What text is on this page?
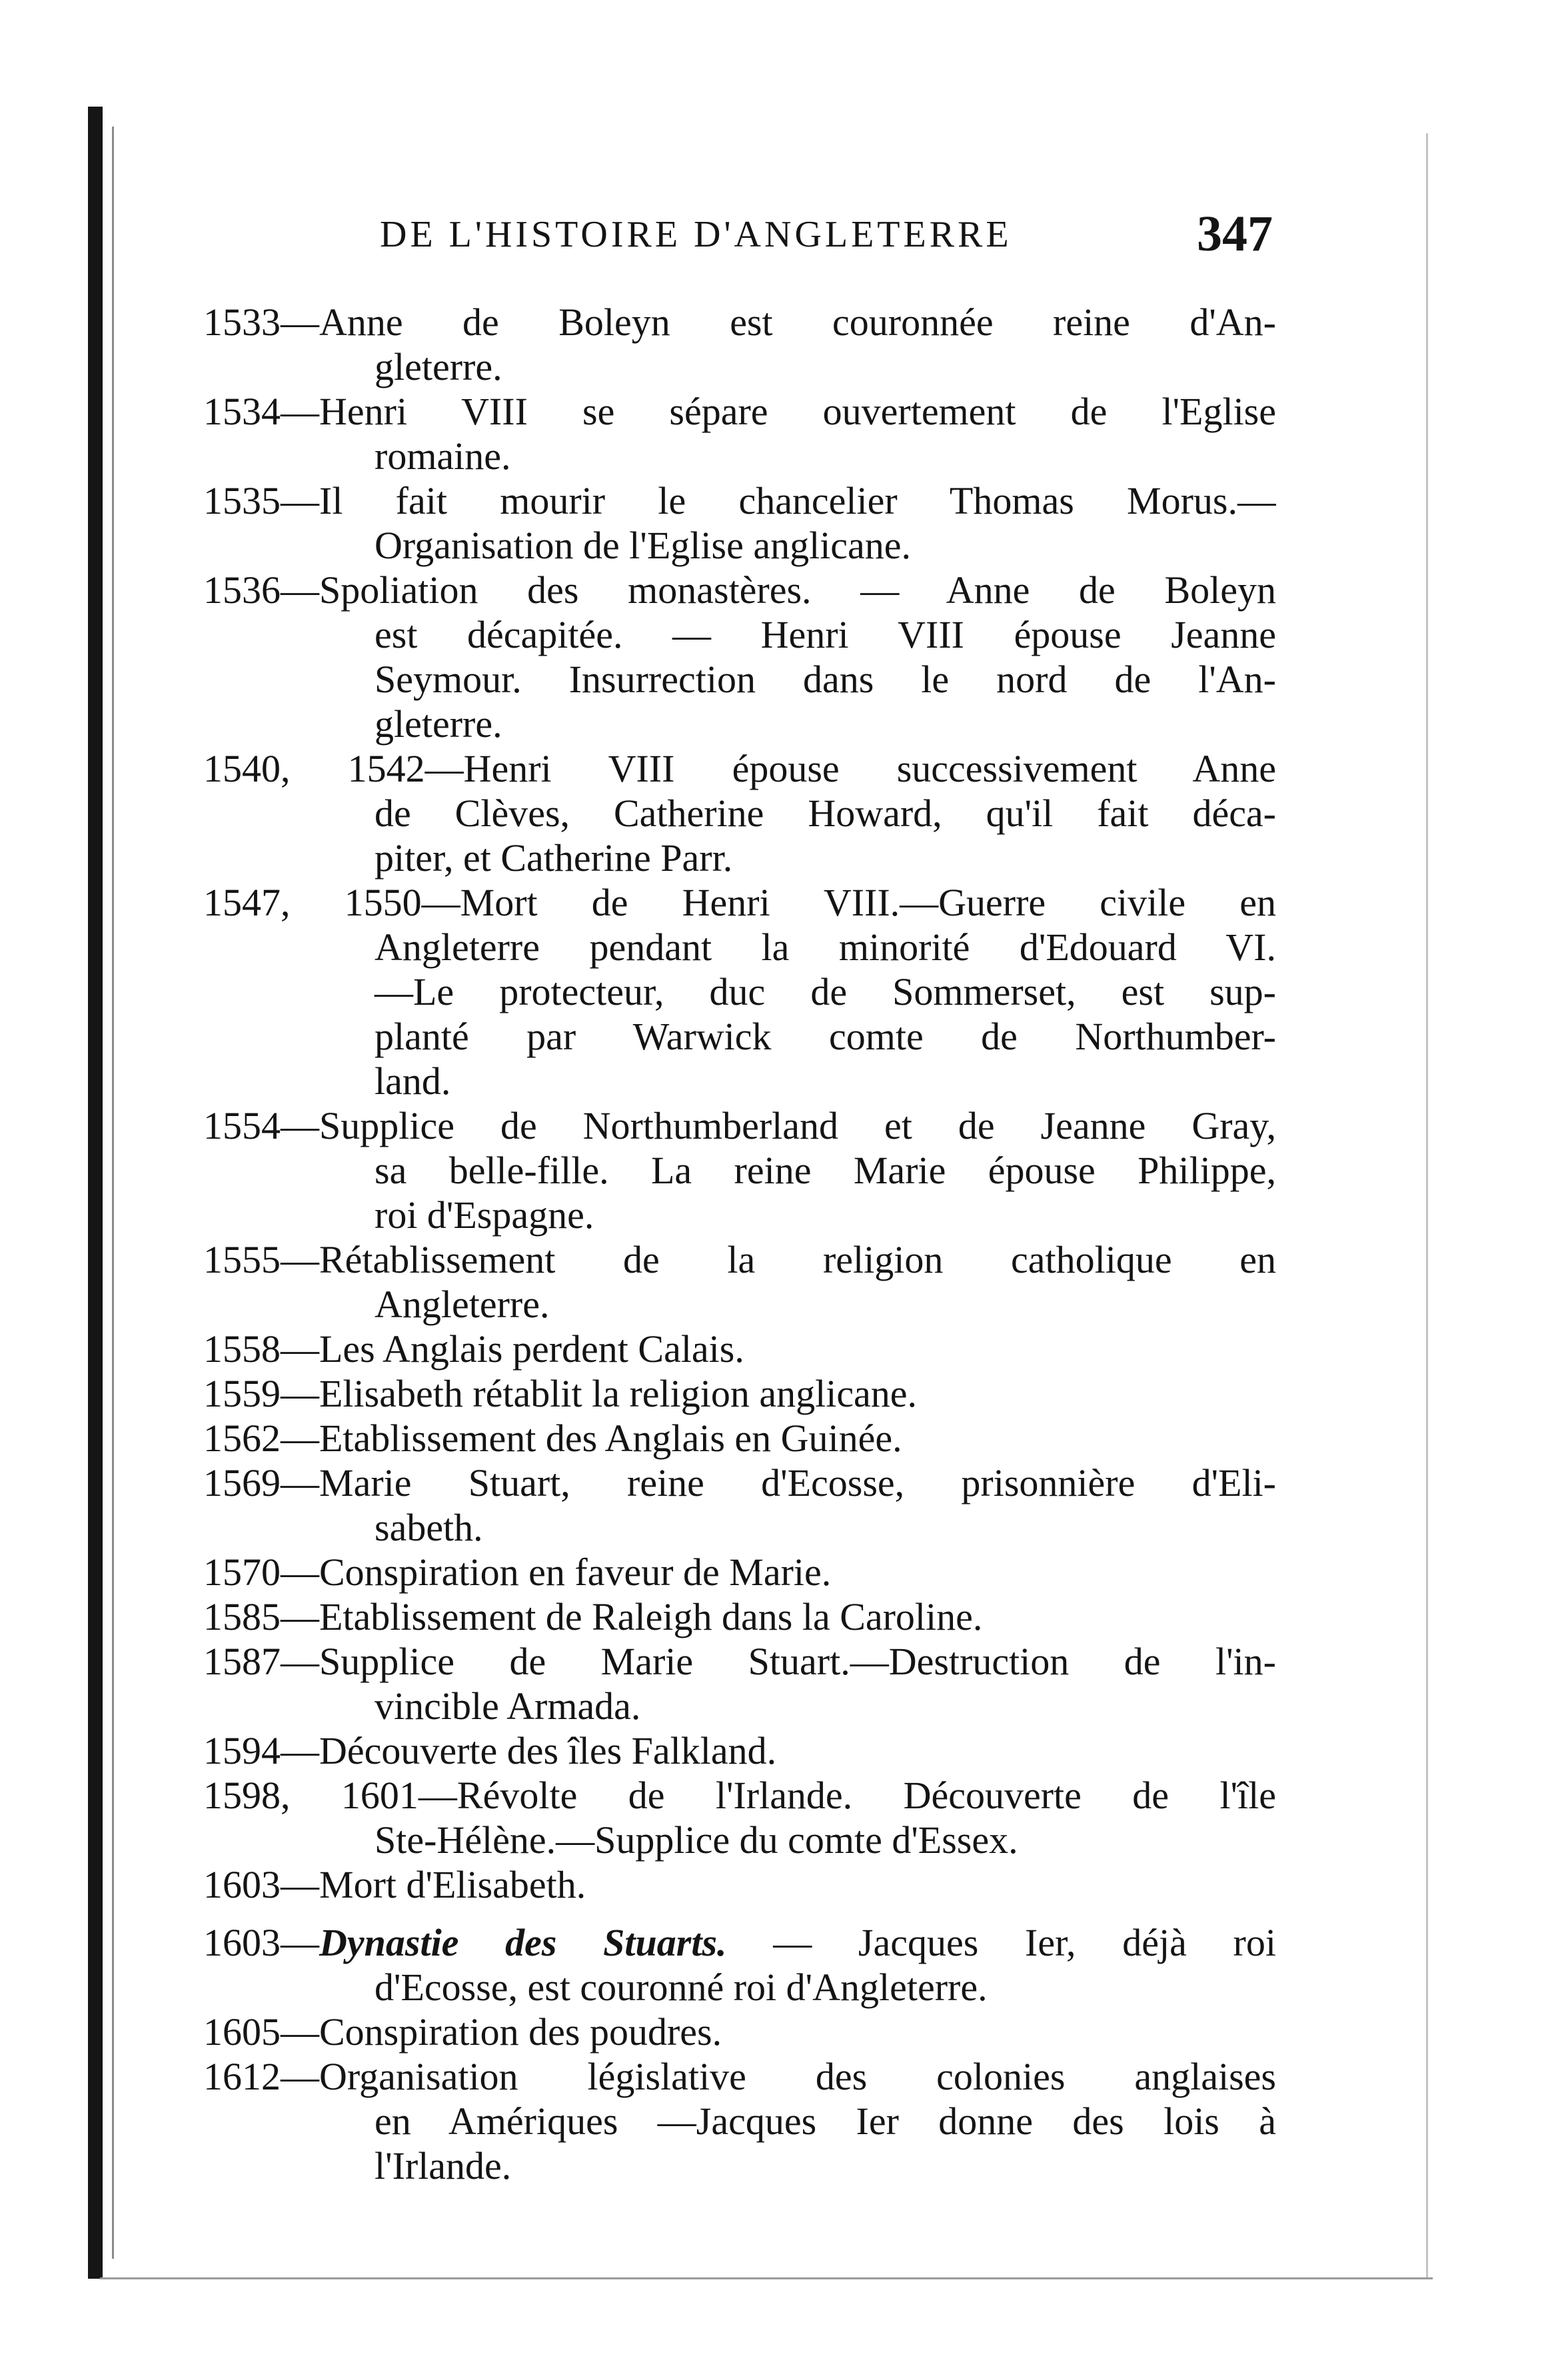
DE L'HISTOIRE D'ANGLETERRE	347
1533—Anne de Boleyn est couronnée reine d'An-
gleterre.
1534—Henri VIII se sépare ouvertement de l'Eglise
romaine.
1535—Il fait mourir le chancelier Thomas Morus.—
Organisation de l'Eglise anglicane.
1536—Spoliation des monastères. — Anne de Boleyn
est décapitée. — Henri VIII épouse Jeanne
Seymour. Insurrection dans le nord de l'An-
gleterre.
1540, 1542—Henri VIII épouse successivement Anne
de Clèves, Catherine Howard, qu'il fait déca-
piter, et Catherine Parr.
1547, 1550—Mort de Henri VIII.—Guerre civile en
Angleterre pendant la minorité d'Edouard VI.
—Le protecteur, duc de Sommerset, est sup-
planté par Warwick comte de Northumber-
land.
1554—Supplice de Northumberland et de Jeanne Gray,
sa belle-fille. La reine Marie épouse Philippe,
roi d'Espagne.
1555—Rétablissement de la religion catholique en
Angleterre.
1558—Les Anglais perdent Calais.
1559—Elisabeth rétablit la religion anglicane.
1562—Etablissement des Anglais en Guinée.
1569—Marie Stuart, reine d'Ecosse, prisonnière d'Eli-
sabeth.
1570—Conspiration en faveur de Marie.
1585—Etablissement de Raleigh dans la Caroline.
1587—Supplice de Marie Stuart.—Destruction de l'in-
vincible Armada.
1594—Découverte des îles Falkland.
1598, 1601—Révolte de l'Irlande. Découverte de l'île
Ste-Hélène.—Supplice du comte d'Essex.
1603—Mort d'Elisabeth.
1603—Dynastie des Stuarts. — Jacques Ier, déjà roi
d'Ecosse, est couronné roi d'Angleterre.
1605—Conspiration des poudres.
1612—Organisation législative des colonies anglaises
en Amériques —Jacques Ier donne des lois à
l'Irlande.
